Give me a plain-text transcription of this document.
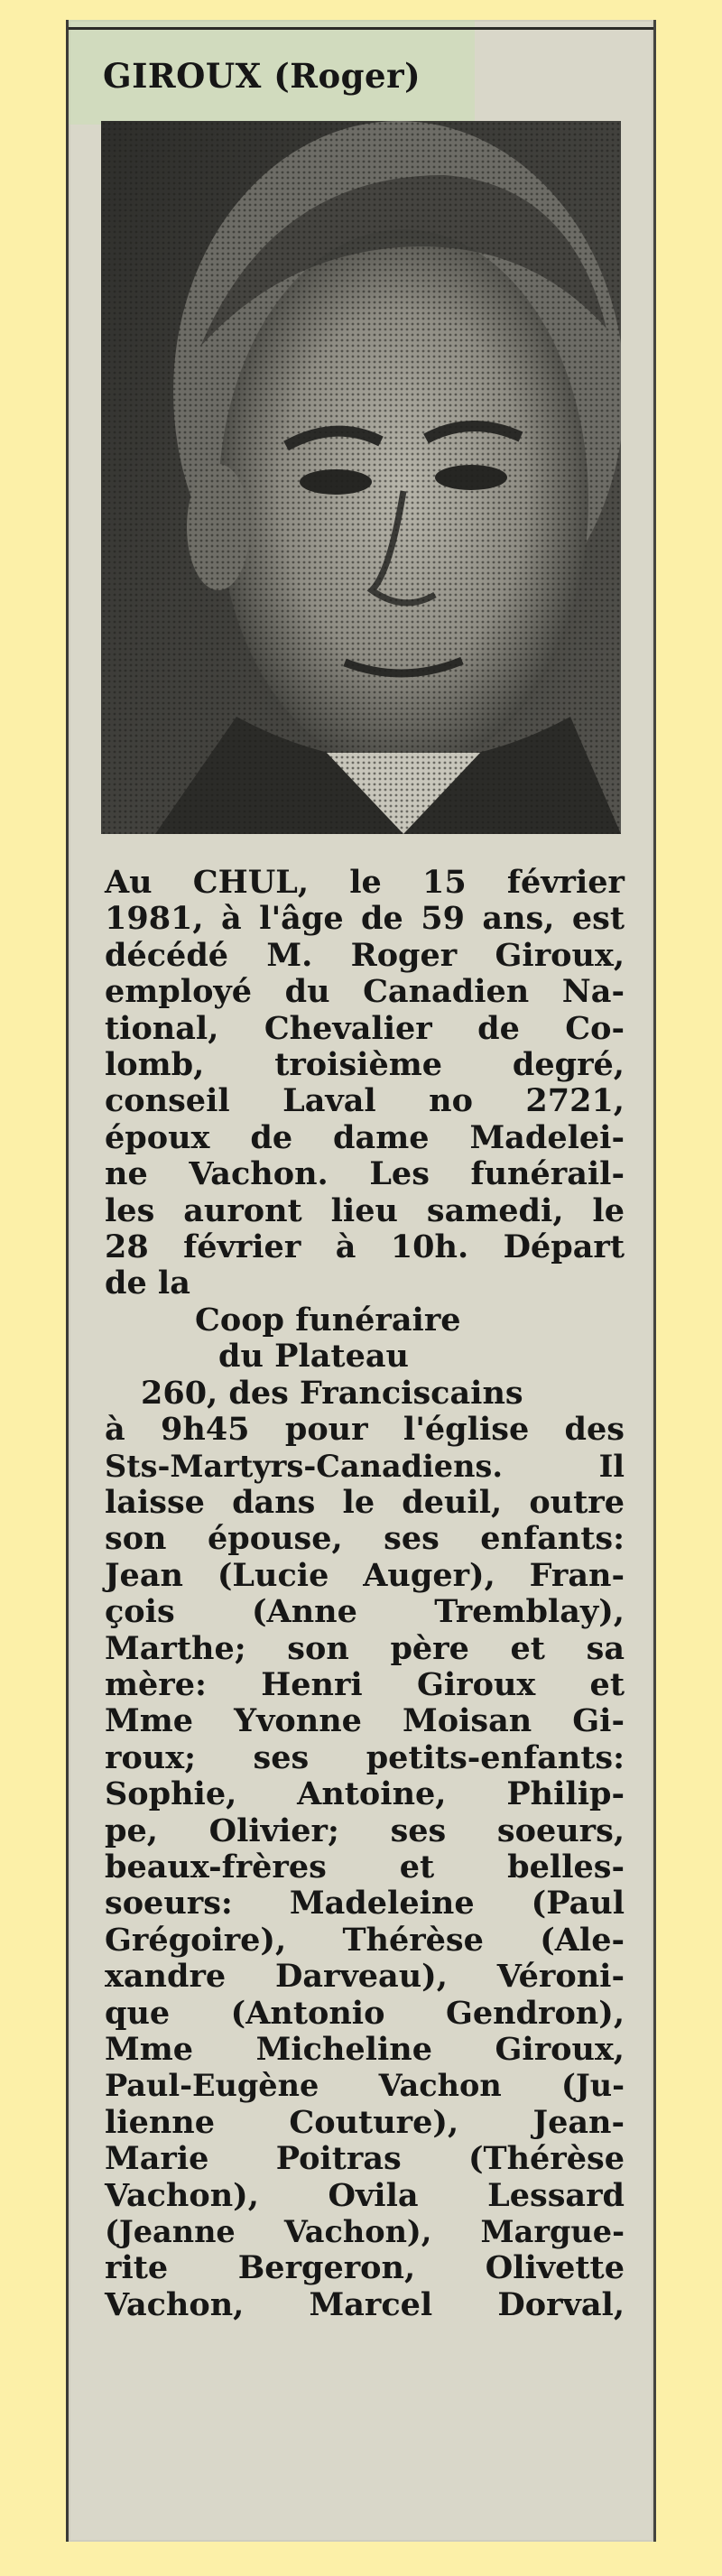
GIROUX (Roger)
Au CHUL, le 15 février
1981, à l'âge de 59 ans, est
décédé M. Roger Giroux,
employé du Canadien Na-
tional, Chevalier de Co-
lomb, troisième degré,
conseil Laval no 2721,
époux de dame Madelei-
ne Vachon. Les funérail-
les auront lieu samedi, le
28 février à 10h. Départ
de la
Coop funéraire
du Plateau
260, des Franciscains
à 9h45 pour l'église des
Sts-Martyrs-Canadiens. Il
laisse dans le deuil, outre
son épouse, ses enfants:
Jean (Lucie Auger), Fran-
çois (Anne Tremblay),
Marthe; son père et sa
mère: Henri Giroux et
Mme Yvonne Moisan Gi-
roux; ses petits-enfants:
Sophie, Antoine, Philip-
pe, Olivier; ses soeurs,
beaux-frères et belles-
soeurs: Madeleine (Paul
Grégoire), Thérèse (Ale-
xandre Darveau), Véroni-
que (Antonio Gendron),
Mme Micheline Giroux,
Paul-Eugène Vachon (Ju-
lienne Couture), Jean-
Marie Poitras (Thérèse
Vachon), Ovila Lessard
(Jeanne Vachon), Margue-
rite Bergeron, Olivette
Vachon, Marcel Dorval,
